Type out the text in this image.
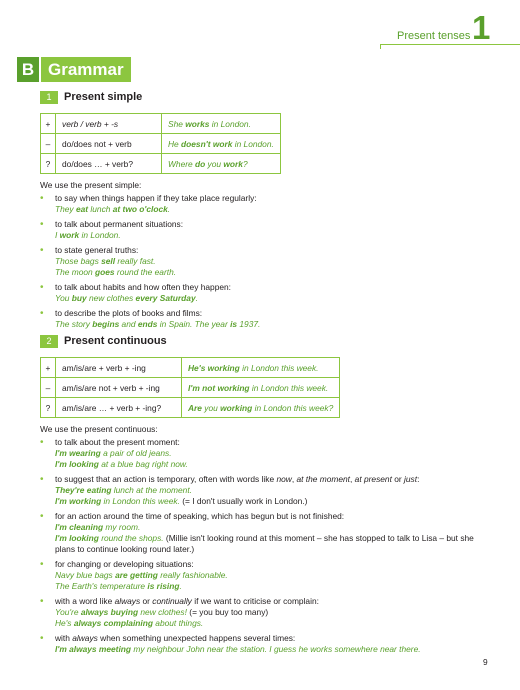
Present tenses 1
B Grammar
1	Present simple
+	verb / verb + -s	She works in London.
–	do/does not + verb	He doesn't work in London.
?	do/does … + verb?	Where do you work?
We use the present simple:
• to say when things happen if they take place regularly:
They eat lunch at two o'clock.
• to talk about permanent situations:
I work in London.
• to state general truths:
Those bags sell really fast.
The moon goes round the earth.
• to talk about habits and how often they happen:
You buy new clothes every Saturday.
• to describe the plots of books and films:
The story begins and ends in Spain. The year is 1937.
2	Present continuous
+	am/is/are + verb + -ing	He's working in London this week.
–	am/is/are not + verb + -ing	I'm not working in London this week.
?	am/is/are … + verb + -ing?	Are you working in London this week?
We use the present continuous:
• to talk about the present moment:
I'm wearing a pair of old jeans.
I'm looking at a blue bag right now.
• to suggest that an action is temporary, often with words like now, at the moment, at present or just:
They're eating lunch at the moment.
I'm working in London this week. (= I don't usually work in London.)
• for an action around the time of speaking, which has begun but is not finished:
I'm cleaning my room.
I'm looking round the shops. (Millie isn't looking round at this moment – she has stopped to talk to Lisa – but she plans to continue looking round later.)
• for changing or developing situations:
Navy blue bags are getting really fashionable.
The Earth's temperature is rising.
• with a word like always or continually if we want to criticise or complain:
You're always buying new clothes! (= you buy too many)
He's always complaining about things.
• with always when something unexpected happens several times:
I'm always meeting my neighbour John near the station. I guess he works somewhere near there.
9
